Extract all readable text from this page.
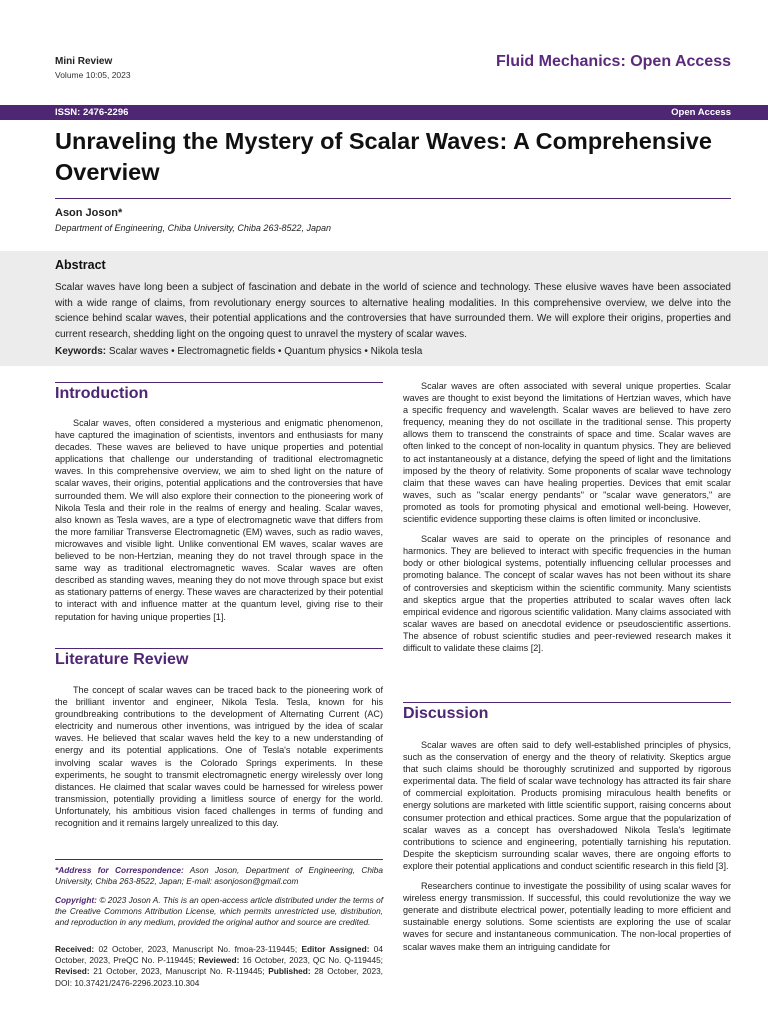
Mini Review
Volume 10:05, 2023
Fluid Mechanics: Open Access
ISSN: 2476-2296	Open Access
Unraveling the Mystery of Scalar Waves: A Comprehensive Overview
Ason Joson*
Department of Engineering, Chiba University, Chiba 263-8522, Japan
Abstract

Scalar waves have long been a subject of fascination and debate in the world of science and technology. These elusive waves have been associated with a wide range of claims, from revolutionary energy sources to alternative healing modalities. In this comprehensive overview, we delve into the science behind scalar waves, their potential applications and the controversies that have surrounded them. We will explore their origins, properties and current research, shedding light on the ongoing quest to unravel the mystery of scalar waves.

Keywords: Scalar waves • Electromagnetic fields • Quantum physics • Nikola tesla
Introduction

Scalar waves, often considered a mysterious and enigmatic phenomenon, have captured the imagination of scientists, inventors and enthusiasts for many decades. These waves are believed to have unique properties and potential applications that challenge our understanding of traditional electromagnetic waves. In this comprehensive overview, we aim to shed light on the nature of scalar waves, their origins, potential applications and the controversies that have surrounded them. We will also explore their connection to the pioneering work of Nikola Tesla and their role in the realms of energy and healing. Scalar waves, also known as Tesla waves, are a type of electromagnetic wave that differs from the more familiar Transverse Electromagnetic (EM) waves, such as radio waves, microwaves and visible light. Unlike conventional EM waves, scalar waves are believed to be non-Hertzian, meaning they do not travel through space in the same way as traditional electromagnetic waves. Scalar waves are often described as standing waves, meaning they do not move through space but exist as stationary patterns of energy. These waves are characterized by their potential to interact with and influence matter at the quantum level, giving rise to their reputation for having unique properties [1].

Literature Review

The concept of scalar waves can be traced back to the pioneering work of the brilliant inventor and engineer, Nikola Tesla. Tesla, known for his groundbreaking contributions to the development of Alternating Current (AC) electricity and numerous other inventions, was intrigued by the idea of scalar waves. He believed that scalar waves held the key to a new understanding of energy and its potential applications. One of Tesla's notable experiments involving scalar waves is the Colorado Springs experiments. In these experiments, he sought to transmit electromagnetic energy wirelessly over long distances. He claimed that scalar waves could be harnessed for wireless power transmission, potentially providing a limitless source of energy for the world. Unfortunately, his ambitious vision faced challenges in terms of funding and recognition and it remains largely unrealized to this day.

*Address for Correspondence: Ason Joson, Department of Engineering, Chiba University, Chiba 263-8522, Japan; E-mail: asonjoson@gmail.com

Copyright: © 2023 Joson A. This is an open-access article distributed under the terms of the Creative Commons Attribution License, which permits unrestricted use, distribution, and reproduction in any medium, provided the original author and source are credited.

Received: 02 October, 2023, Manuscript No. fmoa-23-119445; Editor Assigned: 04 October, 2023, PreQC No. P-119445; Reviewed: 16 October, 2023, QC No. Q-119445; Revised: 21 October, 2023, Manuscript No. R-119445; Published: 28 October, 2023, DOI: 10.37421/2476-2296.2023.10.304

Scalar waves are often associated with several unique properties. Scalar waves are thought to exist beyond the limitations of Hertzian waves, which have a specific frequency and wavelength. Scalar waves are believed to have zero frequency, meaning they do not oscillate in the traditional sense. This property allows them to transcend the constraints of space and time. Scalar waves are often linked to the concept of non-locality in quantum physics. They are believed to act instantaneously at a distance, defying the speed of light and the limitations imposed by the theory of relativity. Some proponents of scalar wave technology claim that these waves can have healing properties. Devices that emit scalar waves, such as "scalar energy pendants" or "scalar wave generators," are promoted as tools for promoting physical and emotional well-being. However, scientific evidence supporting these claims is often limited or inconclusive.

Scalar waves are said to operate on the principles of resonance and harmonics. They are believed to interact with specific frequencies in the human body or other biological systems, potentially influencing cellular processes and promoting balance. The concept of scalar waves has not been without its share of controversies and skepticism within the scientific community. Many scientists and skeptics argue that the properties attributed to scalar waves often lack empirical evidence and rigorous scientific validation. Many claims associated with scalar waves are based on anecdotal evidence or pseudoscientific assertions. The absence of robust scientific studies and peer-reviewed research makes it difficult to validate these claims [2].

Discussion

Scalar waves are often said to defy well-established principles of physics, such as the conservation of energy and the theory of relativity. Skeptics argue that such claims should be thoroughly scrutinized and supported by rigorous experimental data. The field of scalar wave technology has attracted its fair share of commercial exploitation. Products promising miraculous health benefits or energy solutions are marketed with little scientific support, raising concerns about consumer protection and ethical practices. Some argue that the popularization of scalar waves as a concept has overshadowed Nikola Tesla's legitimate contributions to science and engineering, potentially tarnishing his reputation. Despite the skepticism surrounding scalar waves, there are ongoing efforts to explore their potential applications and conduct scientific research in this field [3].

Researchers continue to investigate the possibility of using scalar waves for wireless energy transmission. If successful, this could revolutionize the way we generate and distribute electrical power, potentially leading to more efficient and sustainable energy solutions. Some scientists are exploring the use of scalar waves for secure and instantaneous communication. The non-local properties of scalar waves make them an intriguing candidate for
